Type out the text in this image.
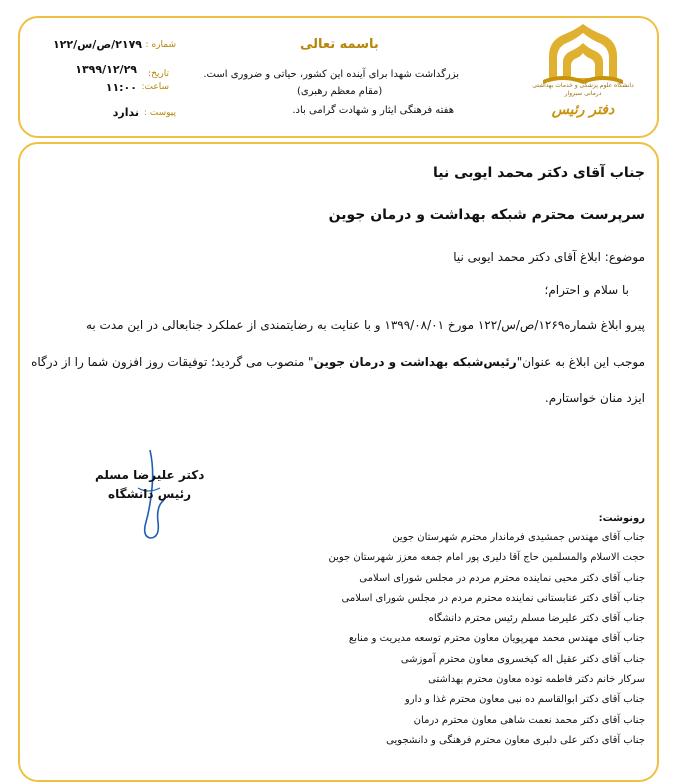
دانشگاه علوم پزشکی و خدمات بهداشتی درمانی سبزوار
دفتر رئیس
باسمه تعالی
بزرگداشت شهدا برای آینده این کشور، حیاتی و ضروری است.
(مقام معظم رهبری)
هفته فرهنگی ایثار و شهادت گرامی باد.
شماره :
۲۱۷۹/ص/س/۱۲۲
تاریخ:
۱۳۹۹/۱۲/۲۹
ساعت:
۱۱:۰۰
پیوست :
ندارد
جناب آقای دکتر محمد ایوبی نیا
سرپرست محترم شبکه بهداشت و درمان جوین
موضوع: ابلاغ آقای دکتر محمد ایوبی نیا
با سلام و احترام؛
پیرو ابلاغ شماره۱۲۶۹/ص/س/۱۲۲ مورخ ۱۳۹۹/۰۸/۰۱ و با عنایت به رضایتمندی از عملکرد جنابعالی در این مدت به
موجب این ابلاغ به عنوان"رئیس‌شبکه بهداشت و درمان جوین" منصوب می گردید؛ توفیقات روز افزون شما را از درگاه
ایزد منان خواستارم.
دکتر علیرضا مسلم
رئیس دانشگاه
رونوشت:
جناب آقای مهندس جمشیدی فرماندار محترم شهرستان جوین
حجت الاسلام والمسلمین حاج آقا دلیری پور امام جمعه معزز شهرستان جوین
جناب آقای دکتر محبی نماینده محترم مردم در مجلس شورای اسلامی
جناب آقای دکتر عنابستانی نماینده محترم مردم در مجلس شورای اسلامی
جناب آقای دکتر علیرضا مسلم رئیس محترم دانشگاه
جناب آقای مهندس محمد مهرپویان معاون محترم توسعه مدیریت و منابع
جناب آقای دکتر عقیل اله کیخسروی معاون محترم آموزشی
سرکار خانم دکتر فاطمه توده معاون محترم بهداشتی
جناب آقای دکتر ابوالقاسم ده نبی معاون محترم غذا و دارو
جناب آقای دکتر محمد نعمت شاهی معاون محترم درمان
جناب آقای دکتر علی دلبری معاون محترم فرهنگی و دانشجویی
